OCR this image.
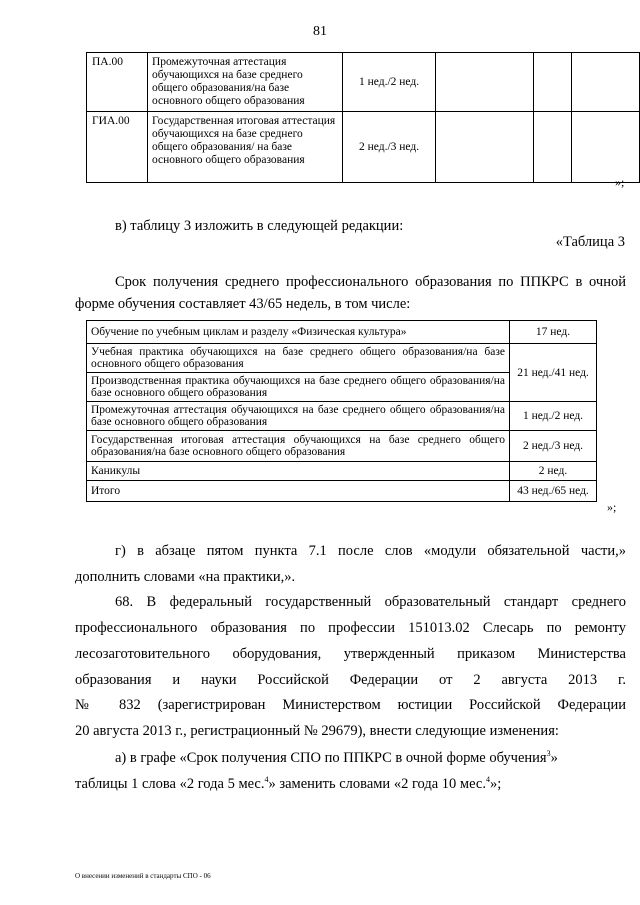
81
ПА.00	Промежуточная аттестация обучающихся на базе среднего общего образования/на базе основного общего образования	1 нед./2 нед.			
ГИА.00	Государственная итоговая аттестация обучающихся на базе среднего общего образования/ на базе основного общего образования	2 нед./3 нед.			
»;
в) таблицу 3 изложить в следующей редакции:
«Таблица 3
Срок получения среднего профессионального образования по ППКРС в очной
форме обучения составляет 43/65 недель, в том числе:
Обучение по учебным циклам и разделу «Физическая культура»	17 нед.
Учебная практика обучающихся на базе среднего общего образования/на базе основного общего образования	21 нед./41 нед.
Производственная практика обучающихся на базе среднего общего образования/на базе основного общего образования	
Промежуточная аттестация обучающихся на базе среднего общего образования/на базе основного общего образования	1 нед./2 нед.
Государственная итоговая аттестация обучающихся на базе среднего общего образования/на базе основного общего образования	2 нед./3 нед.
Каникулы	2 нед.
Итого	43 нед./65 нед.
»;
г) в абзаце пятом пункта 7.1 после слов «модули обязательной части,»
дополнить словами «на практики,».
68. В федеральный государственный образовательный стандарт среднего
профессионального образования по профессии 151013.02 Слесарь по ремонту
лесозаготовительного оборудования, утвержденный приказом Министерства
образования и науки Российской Федерации от 2 августа 2013 г.
№ 832 (зарегистрирован Министерством юстиции Российской Федерации
20 августа 2013 г., регистрационный № 29679), внести следующие изменения:
а) в графе «Срок получения СПО по ППКРС в очной форме обучения$^3$»
таблицы 1 слова «2 года 5 мес.$^4$» заменить словами «2 года 10 мес.$^4$»;
О внесении изменений в стандарты СПО - 06
